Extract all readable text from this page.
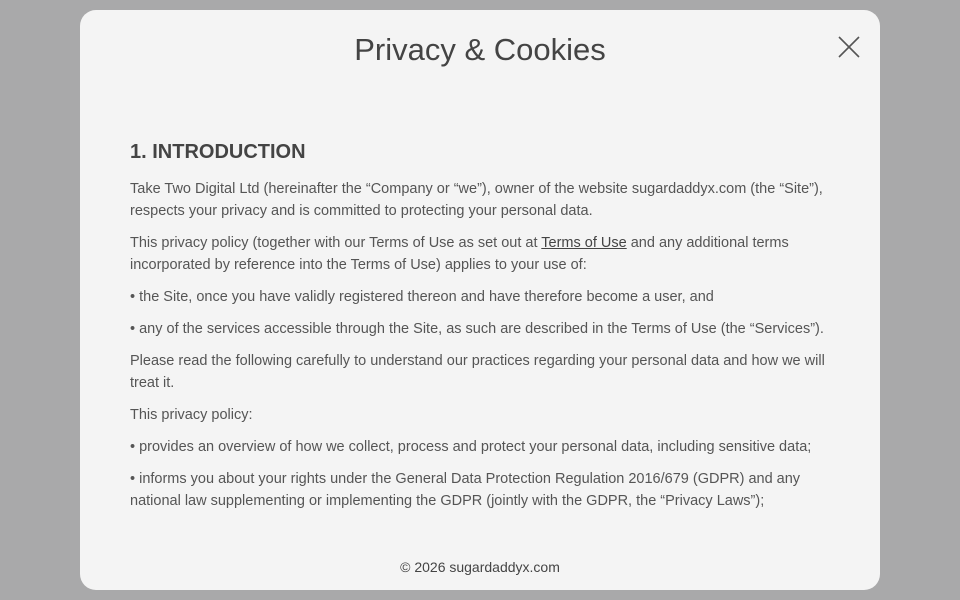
Privacy & Cookies
1. INTRODUCTION

Take Two Digital Ltd (hereinafter the “Company or “we”), owner of the website sugardaddyx.com (the “Site”), respects your privacy and is committed to protecting your personal data.

This privacy policy (together with our Terms of Use as set out at Terms of Use and any additional terms incorporated by reference into the Terms of Use) applies to your use of:

• the Site, once you have validly registered thereon and have therefore become a user, and

• any of the services accessible through the Site, as such are described in the Terms of Use (the “Services”).

Please read the following carefully to understand our practices regarding your personal data and how we will treat it.

This privacy policy:

• provides an overview of how we collect, process and protect your personal data, including sensitive data;

• informs you about your rights under the General Data Protection Regulation 2016/679 (GDPR) and any national law supplementing or implementing the GDPR (jointly with the GDPR, the “Privacy Laws”);

© 2026 sugardaddyx.com
